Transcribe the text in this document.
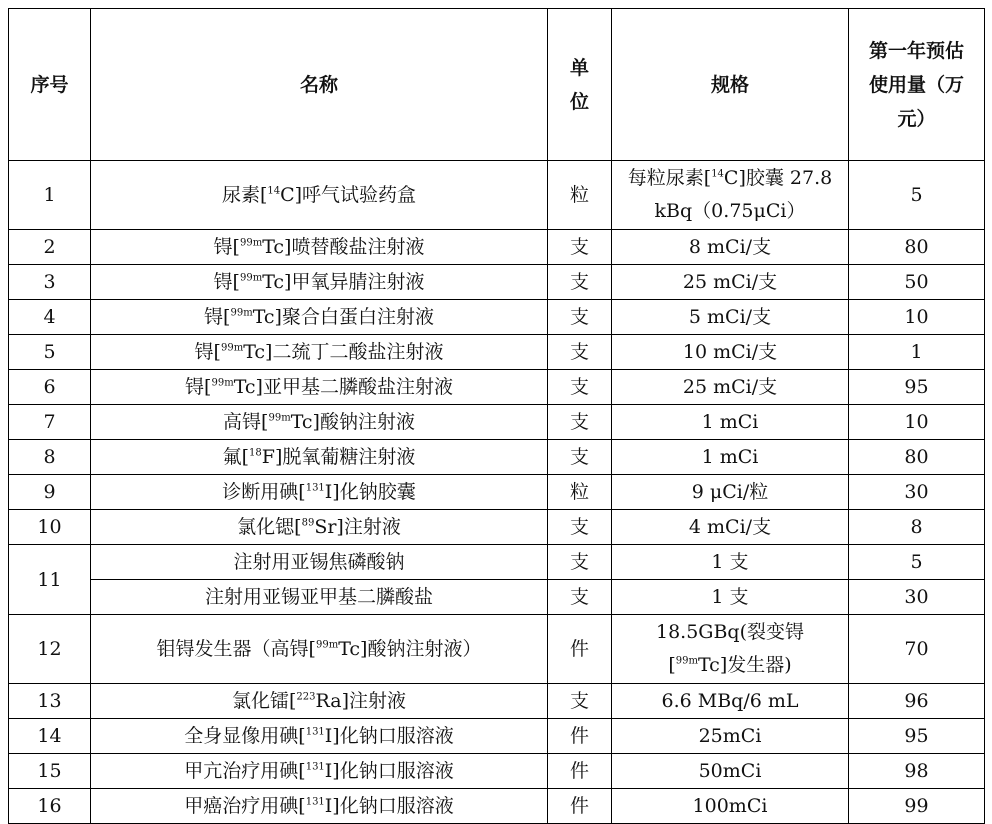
序号	名称	单位	规格	第一年预估使用量（万元）
1	尿素[$^{14}$C]呼气试验药盒	粒	每粒尿素[$^{14}$C]胶囊 27.8 kBq（0.75μCi）	5
2	锝[$^{99m}$Tc]喷替酸盐注射液	支	8 mCi/支	80
3	锝[$^{99m}$Tc]甲氧异腈注射液	支	25 mCi/支	50
4	锝[$^{99m}$Tc]聚合白蛋白注射液	支	5 mCi/支	10
5	锝[$^{99m}$Tc]二巯丁二酸盐注射液	支	10 mCi/支	1
6	锝[$^{99m}$Tc]亚甲基二膦酸盐注射液	支	25 mCi/支	95
7	高锝[$^{99m}$Tc]酸钠注射液	支	1 mCi	10
8	氟[$^{18}$F]脱氧葡糖注射液	支	1 mCi	80
9	诊断用碘[$^{131}$I]化钠胶囊	粒	9 μCi/粒	30
10	氯化锶[$^{89}$Sr]注射液	支	4 mCi/支	8
11	注射用亚锡焦磷酸钠	支	1 支	5
	注射用亚锡亚甲基二膦酸盐	支	1 支	30
12	钼锝发生器（高锝[$^{99m}$Tc]酸钠注射液）	件	18.5GBq(裂变锝 [$^{99m}$Tc]发生器)	70
13	氯化镭[$^{223}$Ra]注射液	支	6.6 MBq/6 mL	96
14	全身显像用碘[$^{131}$I]化钠口服溶液	件	25mCi	95
15	甲亢治疗用碘[$^{131}$I]化钠口服溶液	件	50mCi	98
16	甲癌治疗用碘[$^{131}$I]化钠口服溶液	件	100mCi	99
